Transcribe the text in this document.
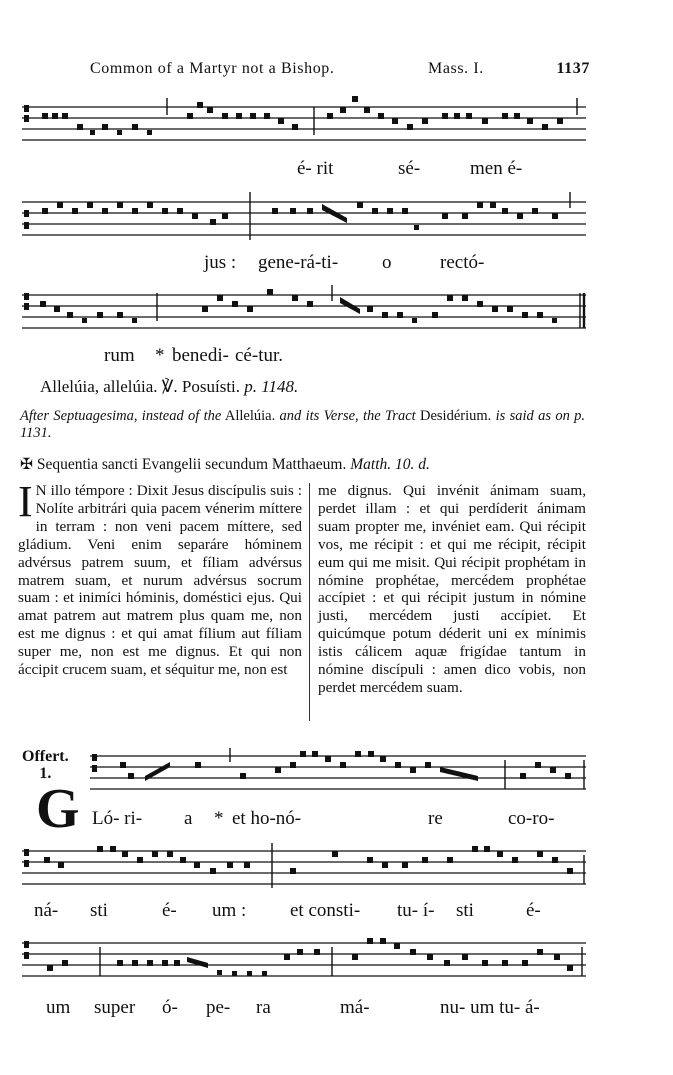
Common of a Martyr not a Bishop.	Mass. I.	1137
é- rit	sé-	men é-
jus : gene-rá-ti- o	rectó-
rum * benedi- cé-tur.
Allelúia, allelúia. ℣. Posuísti. p. 1148.
After Septuagesima, instead of the Allelúia. and its Verse, the Tract Desidérium. is said as on p. 1131.
✠ Sequentia sancti Evangelii secundum Matthaeum. Matth. 10. d.
I N illo témpore : Dixit Jesus discípulis suis : Nolíte arbitrári quia pacem vénerim míttere in terram : non veni pacem míttere, sed gládium. Veni enim separáre hóminem advérsus patrem suum, et fíliam advérsus matrem suam, et nurum advérsus socrum suam : et inimíci hóminis, doméstici ejus. Qui amat patrem aut matrem plus quam me, non est me dignus : et qui amat fílium aut fíliam super me, non est me dignus. Et qui non áccipit crucem suam, et séquitur me, non est
me dignus. Qui invénit ánimam suam, perdet illam : et qui perdíderit ánimam suam propter me, invéniet eam. Qui récipit vos, me récipit : et qui me récipit, récipit eum qui me misit. Qui récipit prophétam in nómine prophétae, mercédem prophétae accípiet : et qui récipit justum in nómine justi, mercédem justi accípiet. Et quicúmque potum déderit uni ex mínimis istis cálicem aquæ frigídae tantum in nómine discípuli : amen dico vobis, non perdet mercédem suam.
Offert.
1.
G Ló- ri- a * et ho-nó-	re	co-ro-
ná- sti	é- um : et consti- tu- í- sti	é-
um super ó- pe- ra	má-	nu- um tu- á-
